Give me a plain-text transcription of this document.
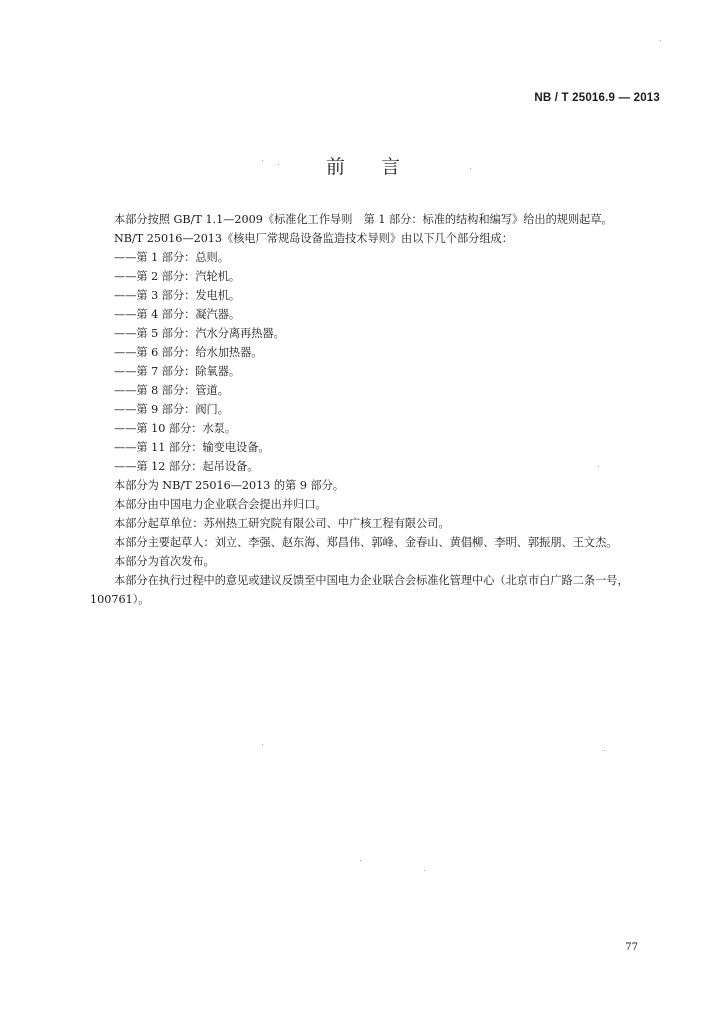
NB / T 25016.9 — 2013
前言

本部分按照 GB/T 1.1—2009《标准化工作导则　第 1 部分：标准的结构和编写》给出的规则起草。

NB/T 25016—2013《核电厂常规岛设备监造技术导则》由以下几个部分组成：

——第 1 部分：总则。

——第 2 部分：汽轮机。

——第 3 部分：发电机。

——第 4 部分：凝汽器。

——第 5 部分：汽水分离再热器。

——第 6 部分：给水加热器。

——第 7 部分：除氧器。

——第 8 部分：管道。

——第 9 部分：阀门。

——第 10 部分：水泵。

——第 11 部分：输变电设备。

——第 12 部分：起吊设备。

本部分为 NB/T 25016—2013 的第 9 部分。

本部分由中国电力企业联合会提出并归口。

本部分起草单位：苏州热工研究院有限公司、中广核工程有限公司。

本部分主要起草人：刘立、李强、赵东海、郑昌伟、郭峰、金春山、黄倡柳、李明、郭振朋、王文杰。

本部分为首次发布。

本部分在执行过程中的意见或建议反馈至中国电力企业联合会标准化管理中心（北京市白广路二条一号，100761）。

77
